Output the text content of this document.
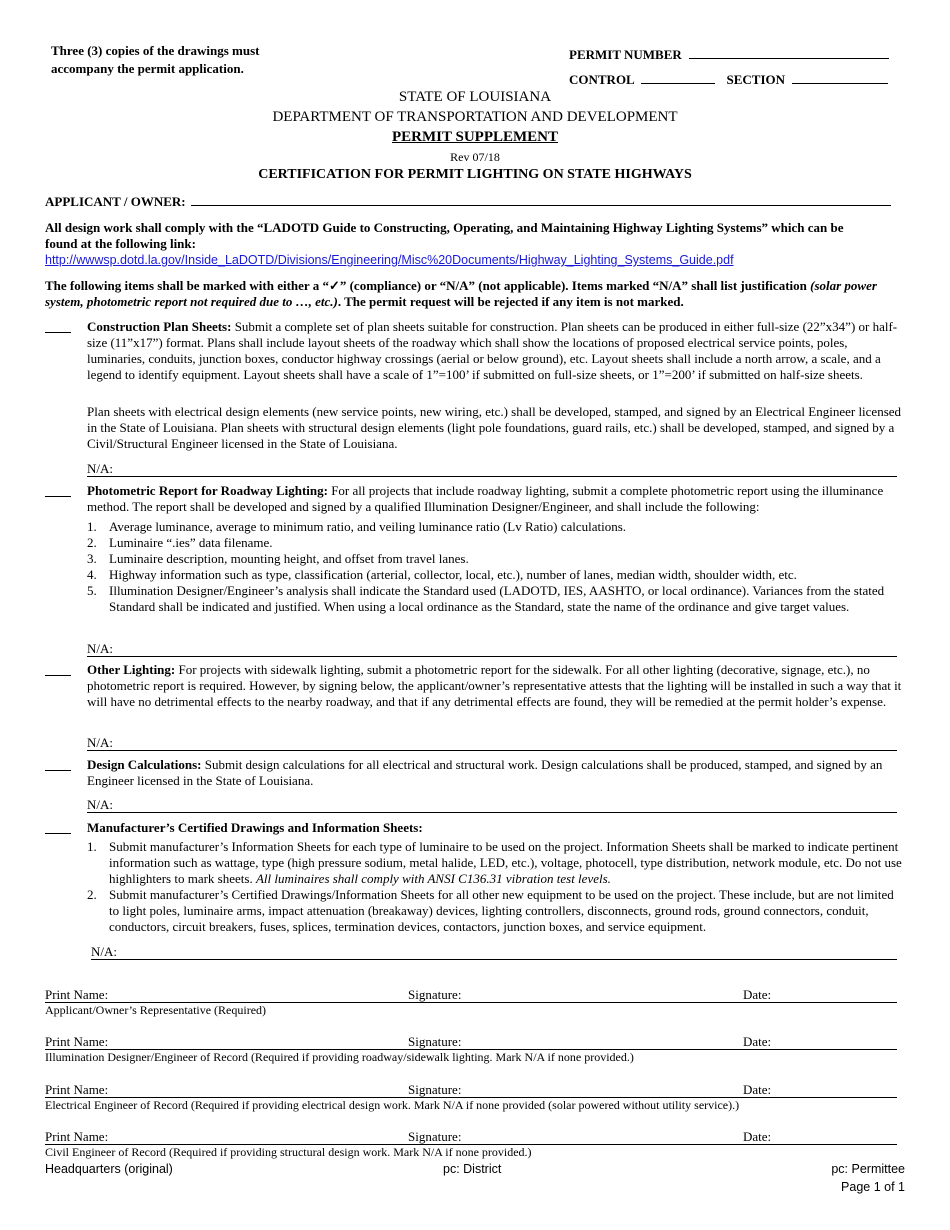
Three (3) copies of the drawings must
accompany the permit application.
PERMIT NUMBER
CONTROL	SECTION
STATE OF LOUISIANA
DEPARTMENT OF TRANSPORTATION AND DEVELOPMENT
PERMIT SUPPLEMENT
Rev 07/18
CERTIFICATION FOR PERMIT LIGHTING ON STATE HIGHWAYS
APPLICANT / OWNER:
All design work shall comply with the “LADOTD Guide to Constructing, Operating, and Maintaining Highway Lighting Systems” which can be
found at the following link:
http://wwwsp.dotd.la.gov/Inside_LaDOTD/Divisions/Engineering/Misc%20Documents/Highway_Lighting_Systems_Guide.pdf
The following items shall be marked with either a “✓” (compliance) or “N/A” (not applicable). Items marked “N/A” shall list justification (solar power system, photometric report not required due to …, etc.). The permit request will be rejected if any item is not marked.
Construction Plan Sheets: Submit a complete set of plan sheets suitable for construction. Plan sheets can be produced in either full-size (22”x34”) or half-size (11”x17”) format. Plans shall include layout sheets of the roadway which shall show the locations of proposed electrical service points, poles, luminaries, conduits, junction boxes, conductor highway crossings (aerial or below ground), etc. Layout sheets shall include a north arrow, a scale, and a legend to identify equipment. Layout sheets shall have a scale of 1”=100’ if submitted on full-size sheets, or 1”=200’ if submitted on half-size sheets.
Plan sheets with electrical design elements (new service points, new wiring, etc.) shall be developed, stamped, and signed by an Electrical Engineer licensed in the State of Louisiana. Plan sheets with structural design elements (light pole foundations, guard rails, etc.) shall be developed, stamped, and signed by a Civil/Structural Engineer licensed in the State of Louisiana.
N/A:
Photometric Report for Roadway Lighting: For all projects that include roadway lighting, submit a complete photometric report using the illuminance method. The report shall be developed and signed by a qualified Illumination Designer/Engineer, and shall include the following:
1. Average luminance, average to minimum ratio, and veiling luminance ratio (Lv Ratio) calculations.
2. Luminaire “.ies” data filename.
3. Luminaire description, mounting height, and offset from travel lanes.
4. Highway information such as type, classification (arterial, collector, local, etc.), number of lanes, median width, shoulder width, etc.
5. Illumination Designer/Engineer’s analysis shall indicate the Standard used (LADOTD, IES, AASHTO, or local ordinance). Variances from the stated Standard shall be indicated and justified. When using a local ordinance as the Standard, state the name of the ordinance and give target values.
N/A:
Other Lighting: For projects with sidewalk lighting, submit a photometric report for the sidewalk. For all other lighting (decorative, signage, etc.), no photometric report is required. However, by signing below, the applicant/owner’s representative attests that the lighting will be installed in such a way that it will have no detrimental effects to the nearby roadway, and that if any detrimental effects are found, they will be remedied at the permit holder’s expense.
N/A:
Design Calculations: Submit design calculations for all electrical and structural work. Design calculations shall be produced, stamped, and signed by an Engineer licensed in the State of Louisiana.
N/A:
Manufacturer’s Certified Drawings and Information Sheets:
1. Submit manufacturer’s Information Sheets for each type of luminaire to be used on the project. Information Sheets shall be marked to indicate pertinent information such as wattage, type (high pressure sodium, metal halide, LED, etc.), voltage, photocell, type distribution, network module, etc. Do not use highlighters to mark sheets. All luminaires shall comply with ANSI C136.31 vibration test levels.
2. Submit manufacturer’s Certified Drawings/Information Sheets for all other new equipment to be used on the project. These include, but are not limited to light poles, luminaire arms, impact attenuation (breakaway) devices, lighting controllers, disconnects, ground rods, ground connectors, conduit, conductors, circuit breakers, fuses, splices, termination devices, contactors, junction boxes, and service equipment.
N/A:
Print Name:	Signature:	Date:
Applicant/Owner’s Representative (Required)
Print Name:	Signature:	Date:
Illumination Designer/Engineer of Record (Required if providing roadway/sidewalk lighting. Mark N/A if none provided.)
Print Name:	Signature:	Date:
Electrical Engineer of Record (Required if providing electrical design work. Mark N/A if none provided (solar powered without utility service).)
Print Name:	Signature:	Date:
Civil Engineer of Record (Required if providing structural design work. Mark N/A if none provided.)
Headquarters (original)	pc: District	pc: Permittee
Page 1 of 1
